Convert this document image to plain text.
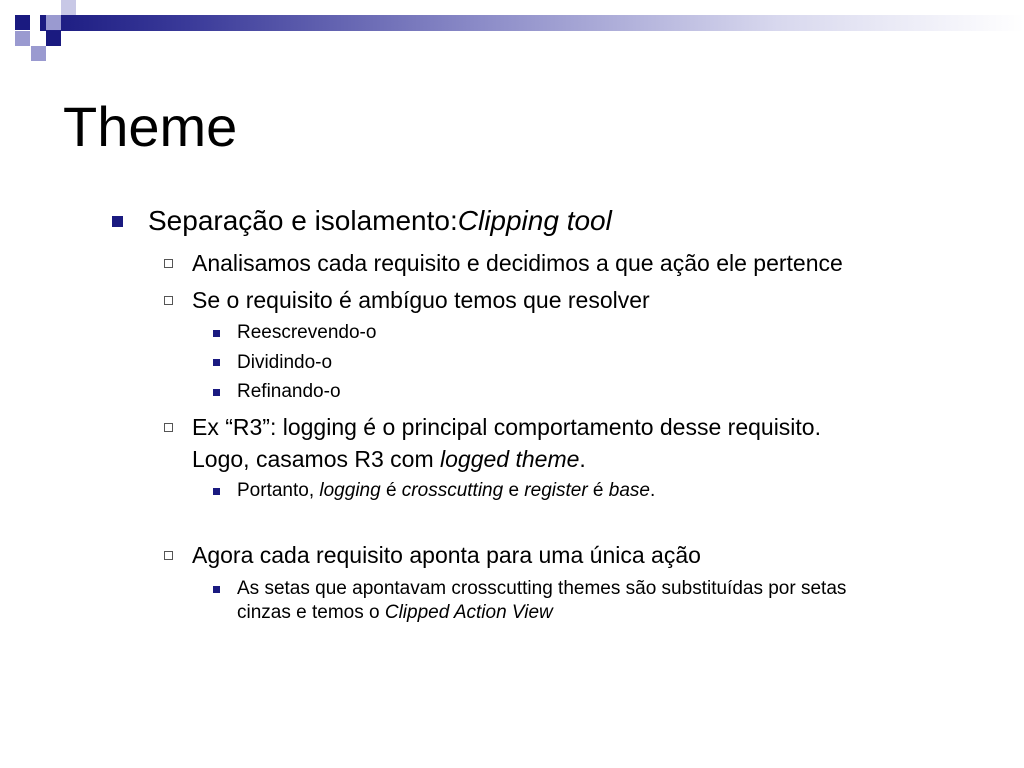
Theme
Separação e isolamento:Clipping tool
Analisamos cada requisito e decidimos a que ação ele pertence
Se o requisito é ambíguo temos que resolver
Reescrevendo-o
Dividindo-o
Refinando-o
Ex “R3”: logging é o principal comportamento desse requisito.
Logo, casamos R3 com logged theme.
Portanto, logging é crosscutting e register é base.
Agora cada requisito aponta para uma única ação
As setas que apontavam crosscutting themes são substituídas por setas
cinzas e temos o Clipped Action View
